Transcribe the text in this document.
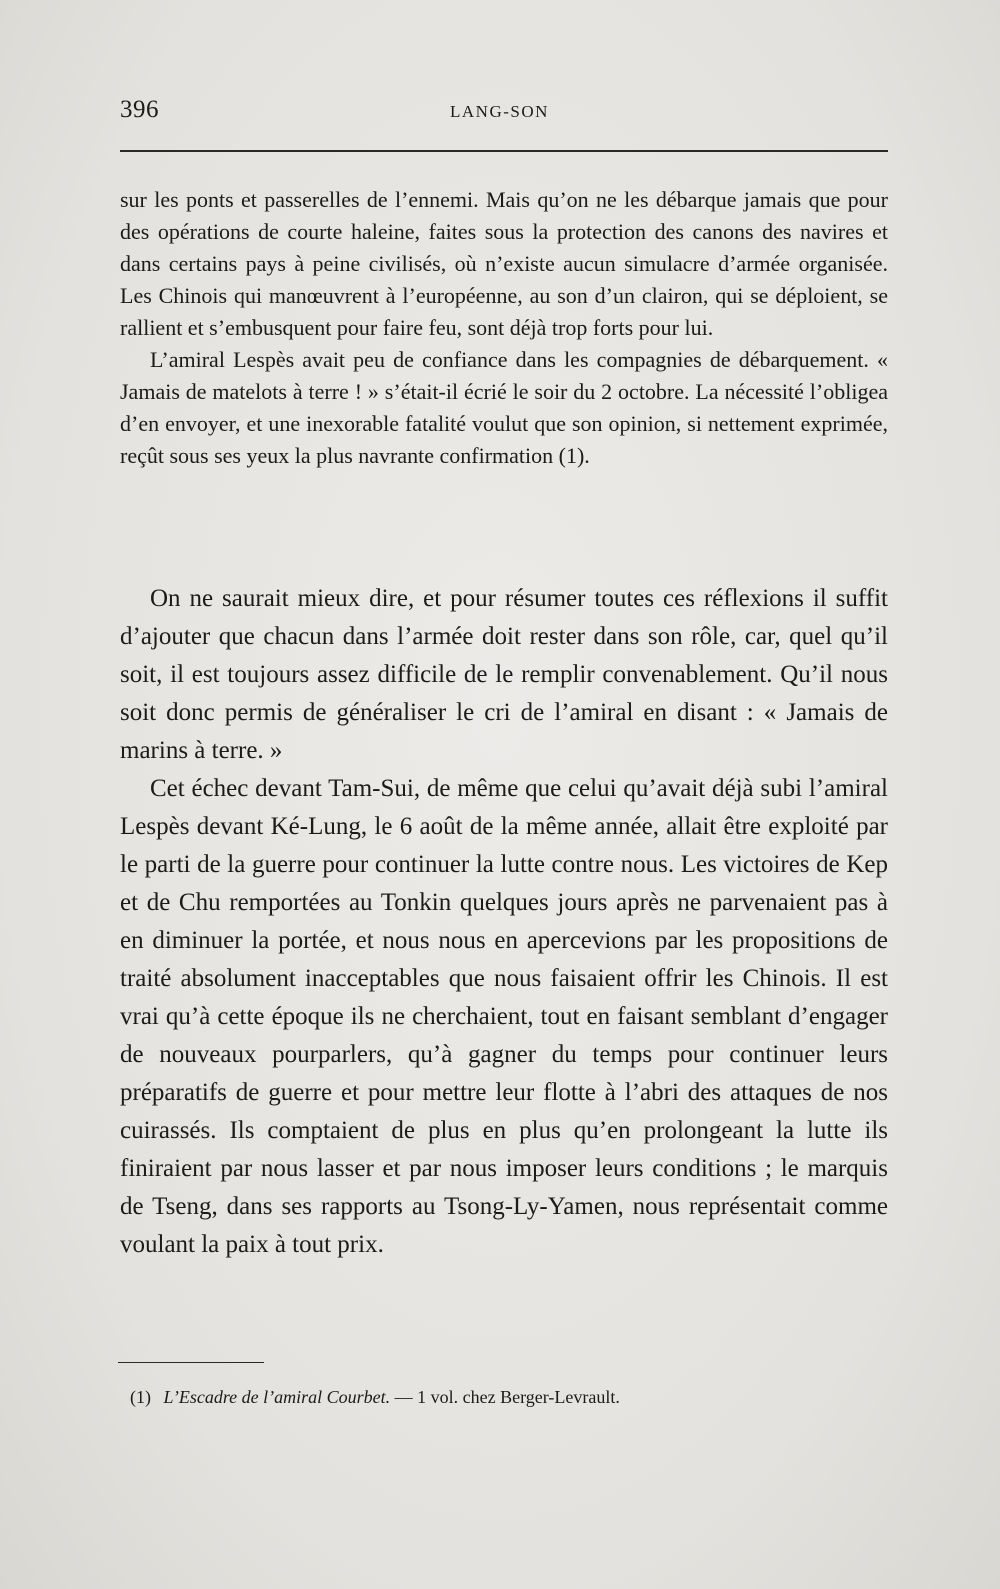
396	LANG-SON

sur les ponts et passerelles de l’ennemi. Mais qu’on ne les débarque jamais que pour des opérations de courte haleine, faites sous la protection des canons des navires et dans certains pays à peine civilisés, où n’existe aucun simulacre d’armée organisée. Les Chinois qui manœuvrent à l’européenne, au son d’un clairon, qui se déploient, se rallient et s’embusquent pour faire feu, sont déjà trop forts pour lui.

L’amiral Lespès avait peu de confiance dans les compagnies de débarquement. « Jamais de matelots à terre ! » s’était-il écrié le soir du 2 octobre. La nécessité l’obligea d’en envoyer, et une inexorable fatalité voulut que son opinion, si nettement exprimée, reçût sous ses yeux la plus navrante confirmation (1).

On ne saurait mieux dire, et pour résumer toutes ces réflexions il suffit d’ajouter que chacun dans l’armée doit rester dans son rôle, car, quel qu’il soit, il est toujours assez difficile de le remplir convenablement. Qu’il nous soit donc permis de généraliser le cri de l’amiral en disant : « Jamais de marins à terre. »

Cet échec devant Tam-Sui, de même que celui qu’avait déjà subi l’amiral Lespès devant Ké-Lung, le 6 août de la même année, allait être exploité par le parti de la guerre pour continuer la lutte contre nous. Les victoires de Kep et de Chu remportées au Tonkin quelques jours après ne parvenaient pas à en diminuer la portée, et nous nous en apercevions par les propositions de traité absolument inacceptables que nous faisaient offrir les Chinois. Il est vrai qu’à cette époque ils ne cherchaient, tout en faisant semblant d’engager de nouveaux pourparlers, qu’à gagner du temps pour continuer leurs préparatifs de guerre et pour mettre leur flotte à l’abri des attaques de nos cuirassés. Ils comptaient de plus en plus qu’en prolongeant la lutte ils finiraient par nous lasser et par nous imposer leurs conditions ; le marquis de Tseng, dans ses rapports au Tsong-Ly-Yamen, nous représentait comme voulant la paix à tout prix.

(1) L’Escadre de l’amiral Courbet. — 1 vol. chez Berger-Levrault.
